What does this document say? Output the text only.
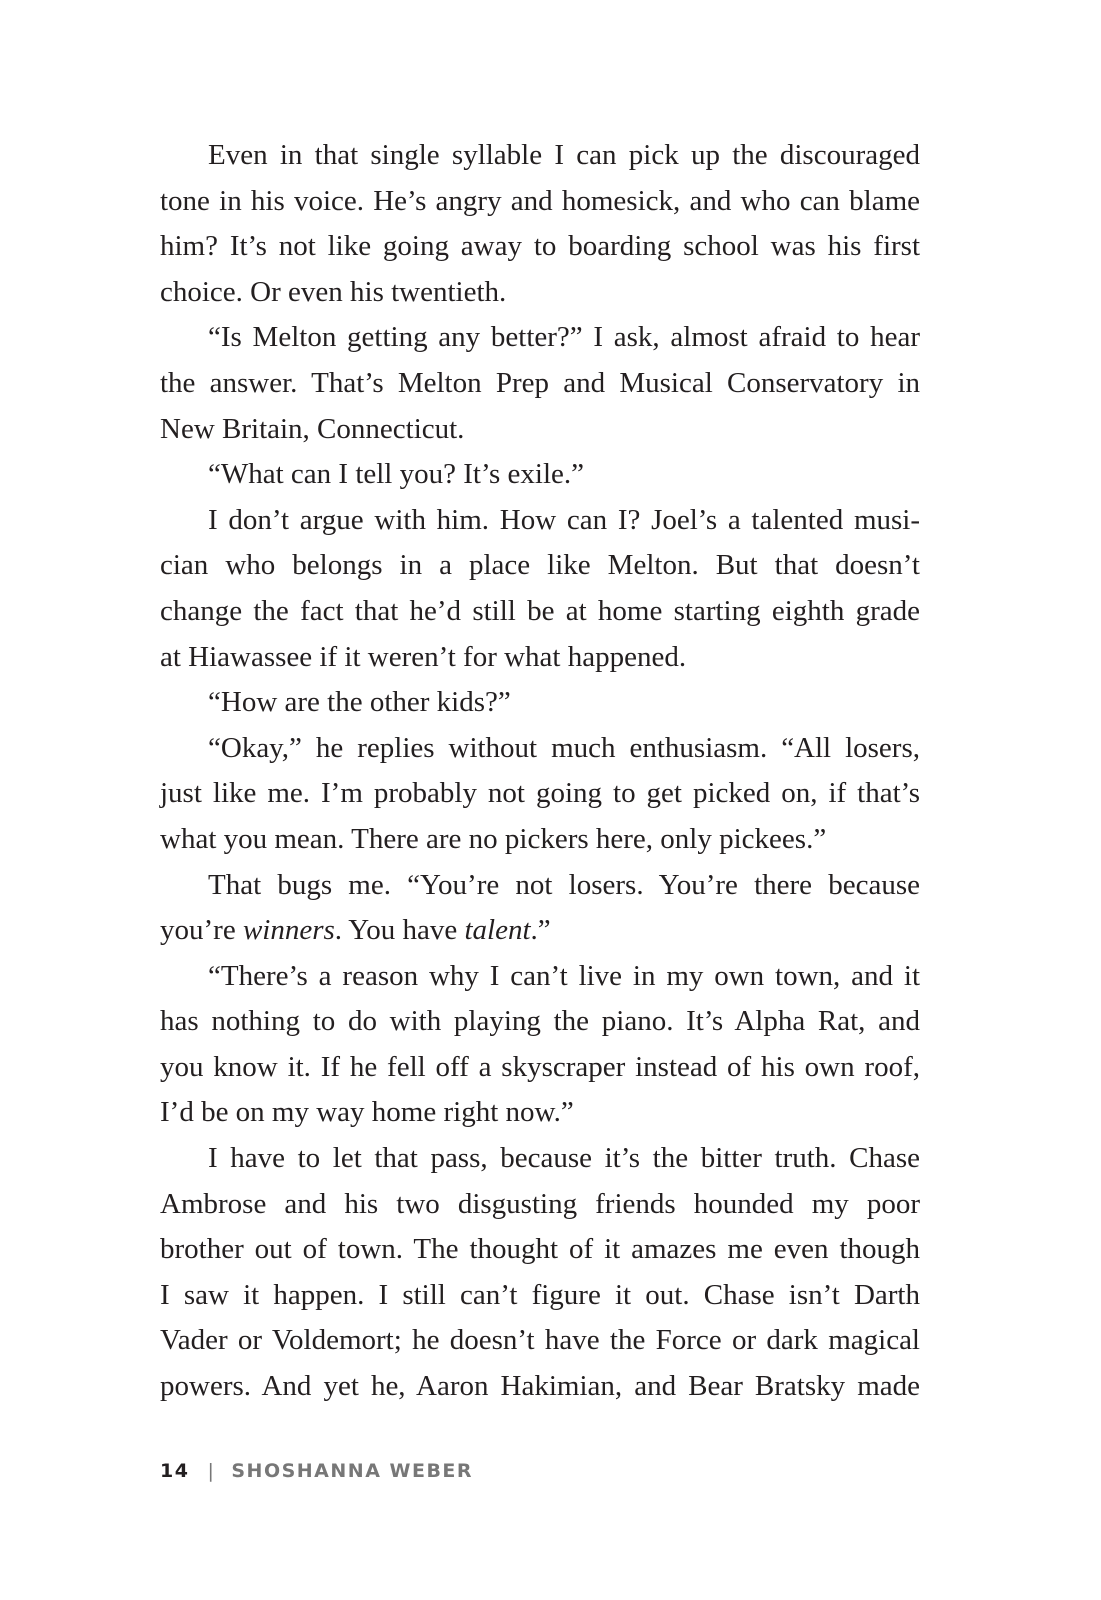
Even in that single syllable I can pick up the discouraged
tone in his voice. He’s angry and homesick, and who can blame
him? It’s not like going away to boarding school was his first
choice. Or even his twentieth.
“Is Melton getting any better?” I ask, almost afraid to hear
the answer. That’s Melton Prep and Musical Conservatory in
New Britain, Connecticut.
“What can I tell you? It’s exile.”
I don’t argue with him. How can I? Joel’s a talented musi-
cian who belongs in a place like Melton. But that doesn’t
change the fact that he’d still be at home starting eighth grade
at Hiawassee if it weren’t for what happened.
“How are the other kids?”
“Okay,” he replies without much enthusiasm. “All losers,
just like me. I’m probably not going to get picked on, if that’s
what you mean. There are no pickers here, only pickees.”
That bugs me. “You’re not losers. You’re there because
you’re winners. You have talent.”
“There’s a reason why I can’t live in my own town, and it
has nothing to do with playing the piano. It’s Alpha Rat, and
you know it. If he fell off a skyscraper instead of his own roof,
I’d be on my way home right now.”
I have to let that pass, because it’s the bitter truth. Chase
Ambrose and his two disgusting friends hounded my poor
brother out of town. The thought of it amazes me even though
I saw it happen. I still can’t figure it out. Chase isn’t Darth
Vader or Voldemort; he doesn’t have the Force or dark magical
powers. And yet he, Aaron Hakimian, and Bear Bratsky made
14 | SHOSHANNA WEBER
